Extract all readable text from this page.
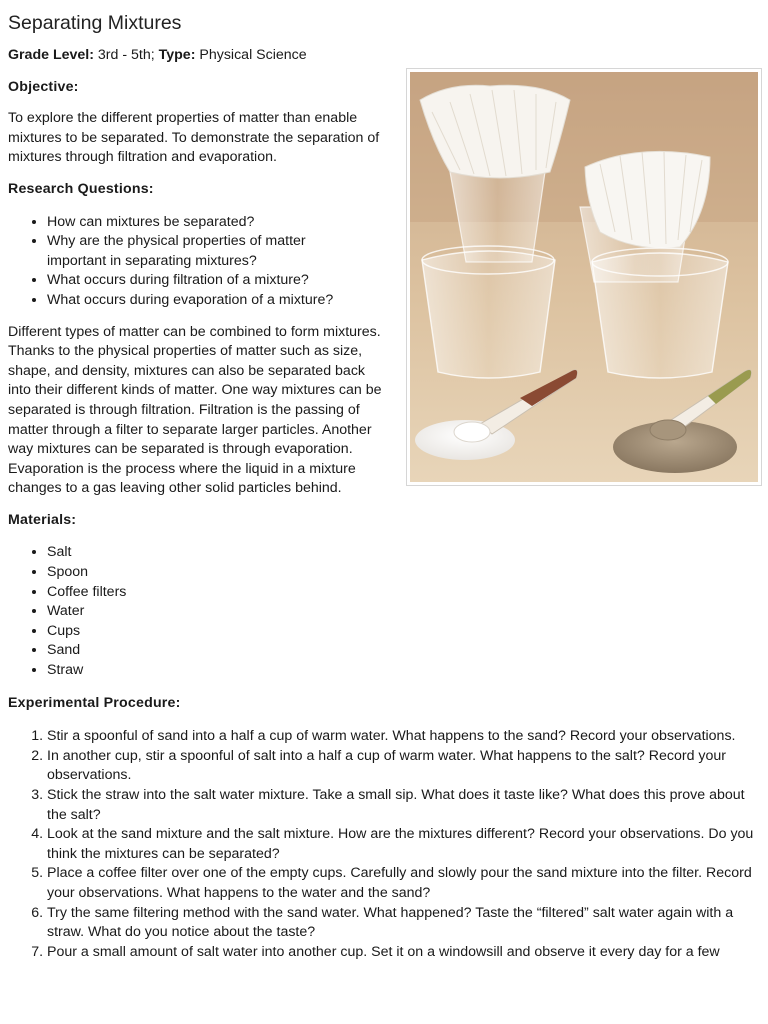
Separating Mixtures
Grade Level: 3rd - 5th; Type: Physical Science
Objective:

To explore the different properties of matter than enable mixtures to be separated. To demonstrate the separation of mixtures through filtration and evaporation.

Research Questions:
• How can mixtures be separated?
• Why are the physical properties of matter important in separating mixtures?
• What occurs during filtration of a mixture?
• What occurs during evaporation of a mixture?

Different types of matter can be combined to form mixtures. Thanks to the physical properties of matter such as size, shape, and density, mixtures can also be separated back into their different kinds of matter. One way mixtures can be separated is through filtration. Filtration is the passing of matter through a filter to separate larger particles. Another way mixtures can be separated is through evaporation. Evaporation is the process where the liquid in a mixture changes to a gas leaving other solid particles behind.

Materials:
• Salt
• Spoon
• Coffee filters
• Water
• Cups
• Sand
• Straw
Experimental Procedure:
1. Stir a spoonful of sand into a half a cup of warm water. What happens to the sand? Record your observations.
2. In another cup, stir a spoonful of salt into a half a cup of warm water. What happens to the salt? Record your observations.
3. Stick the straw into the salt water mixture. Take a small sip. What does it taste like? What does this prove about the salt?
4. Look at the sand mixture and the salt mixture. How are the mixtures different? Record your observations. Do you think the mixtures can be separated?
5. Place a coffee filter over one of the empty cups. Carefully and slowly pour the sand mixture into the filter. Record your observations. What happens to the water and the sand?
6. Try the same filtering method with the sand water. What happened? Taste the “filtered” salt water again with a straw. What do you notice about the taste?
7. Pour a small amount of salt water into another cup. Set it on a windowsill and observe it every day for a few
